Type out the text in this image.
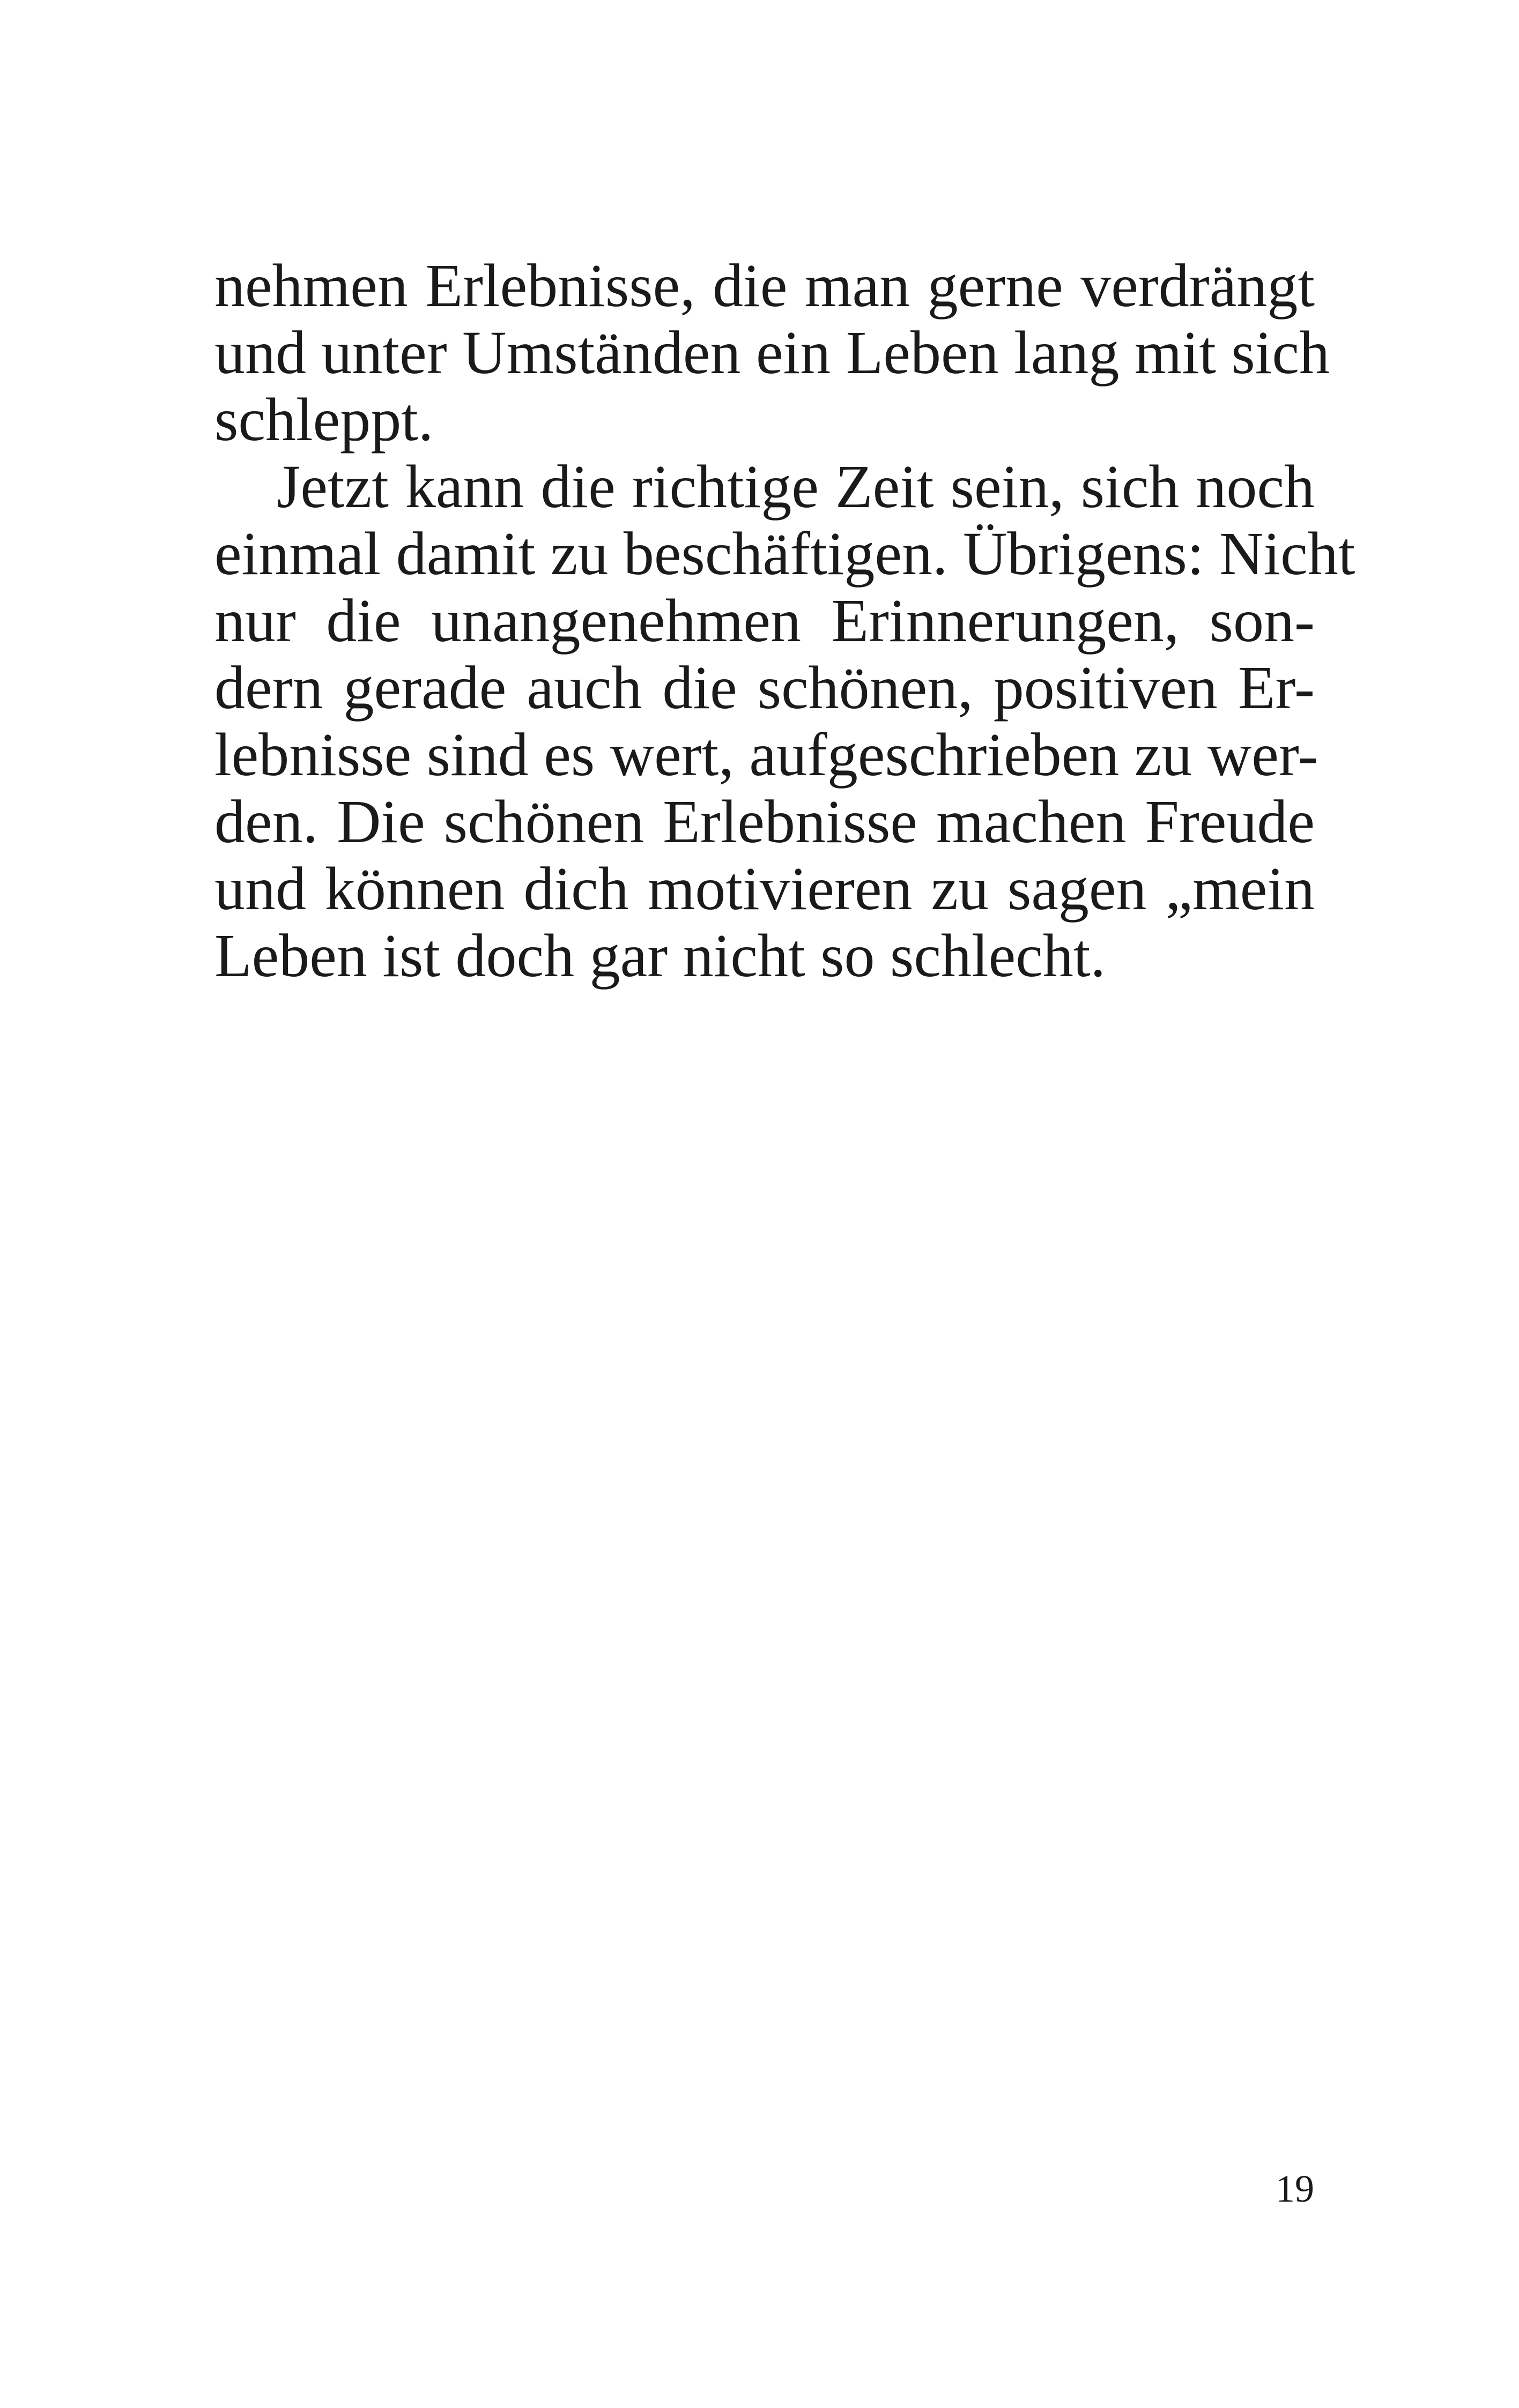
nehmen Erlebnisse, die man gerne verdrängt
und unter Umständen ein Leben lang mit sich
schleppt.
Jetzt kann die richtige Zeit sein, sich noch
einmal damit zu beschäftigen. Übrigens: Nicht
nur die unangenehmen Erinnerungen, son-
dern gerade auch die schönen, positiven Er-
lebnisse sind es wert, aufgeschrieben zu wer-
den. Die schönen Erlebnisse machen Freude
und können dich motivieren zu sagen „mein
Leben ist doch gar nicht so schlecht.
19
